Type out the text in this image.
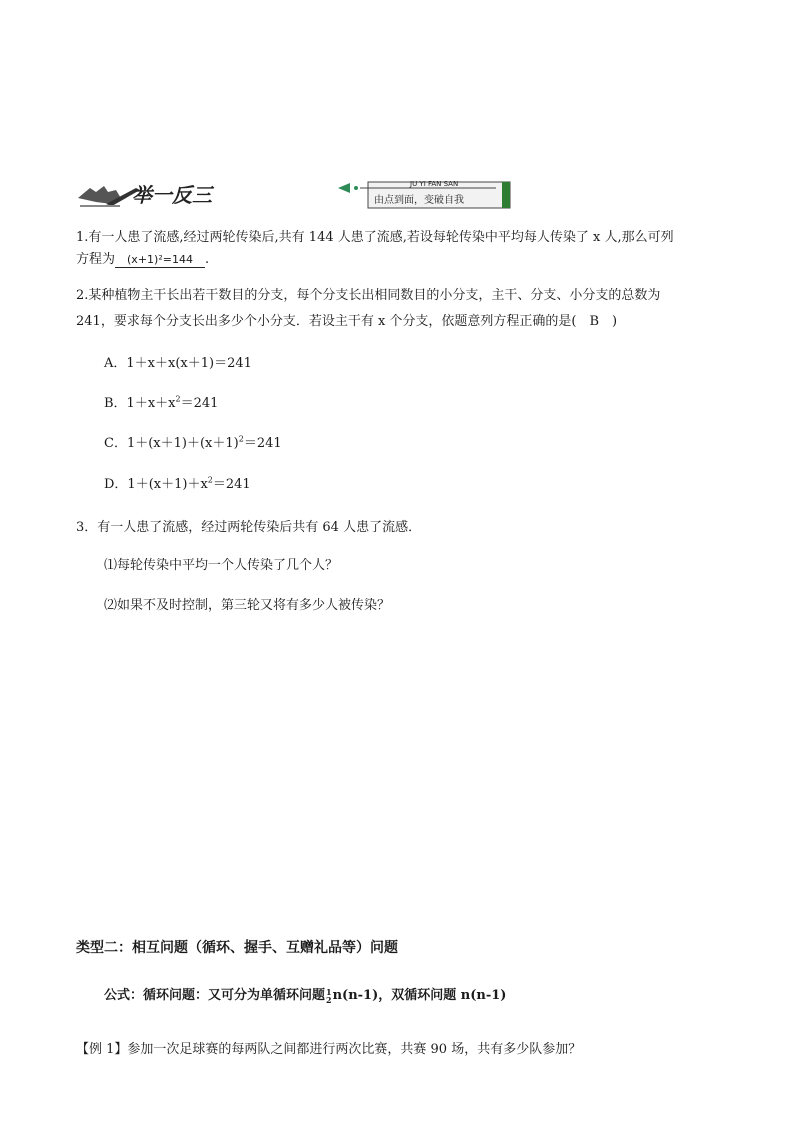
举一反三	JU YI FAN SAN
由点到面，变破自我

1.有一人患了流感,经过两轮传染后,共有 144 人患了流感,若设每轮传染中平均每人传染了 x 人,那么可列

方程为 (x+1)²=144 .

2.某种植物主干长出若干数目的分支，每个分支长出相同数目的小分支，主干、分支、小分支的总数为

241，要求每个分支长出多少个小分支．若设主干有 x 个分支，依题意列方程正确的是(　B　)

A．1＋x＋x(x＋1)＝241

B．$1+x+x^2=241$

C．$1+(x+1)+(x+1)^2=241$

D．$1+(x+1)+x^2=241$

3．有一人患了流感，经过两轮传染后共有 64 人患了流感．

⑴每轮传染中平均一个人传染了几个人？

⑵如果不及时控制，第三轮又将有多少人被传染？

类型二：相互问题（循环、握手、互赠礼品等）问题

公式：循环问题：又可分为单循环问题 1
2 n(n-1)，双循环问题 n(n-1)

【例 1】参加一次足球赛的每两队之间都进行两次比赛，共赛 90 场，共有多少队参加？
